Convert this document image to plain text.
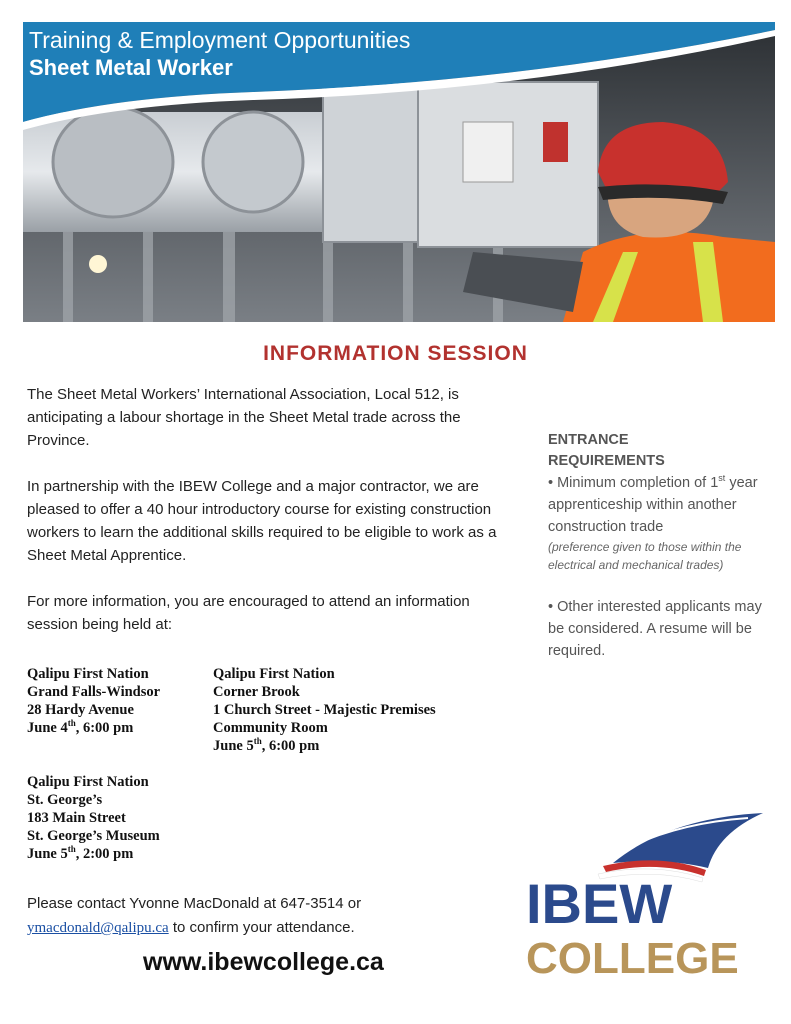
Training & Employment Opportunities
Sheet Metal Worker
INFORMATION SESSION

The Sheet Metal Workers’ International Association, Local 512, is anticipating a labour shortage in the Sheet Metal trade across the Province.

In partnership with the IBEW College and a major contractor, we are pleased to offer a 40 hour introductory course for existing construction workers to learn the additional skills required to be eligible to work as a Sheet Metal Apprentice.

For more information, you are encouraged to attend an information session being held at:

Qalipu First Nation
Grand Falls-Windsor
28 Hardy Avenue
June 4th, 6:00 pm
Qalipu First Nation
Corner Brook
1 Church Street - Majestic Premises
Community Room
June 5th, 6:00 pm
Qalipu First Nation
St. George’s
183 Main Street
St. George’s Museum
June 5th, 2:00 pm
Please contact Yvonne MacDonald at 647-3514 or
ymacdonald@qalipu.ca to confirm your attendance.
www.ibewcollege.ca
ENTRANCE
REQUIREMENTS
• Minimum completion of 1st year apprenticeship within another construction trade
(preference given to those within the electrical and mechanical trades)
• Other interested applicants may be considered. A resume will be required.
IBEW
COLLEGE
